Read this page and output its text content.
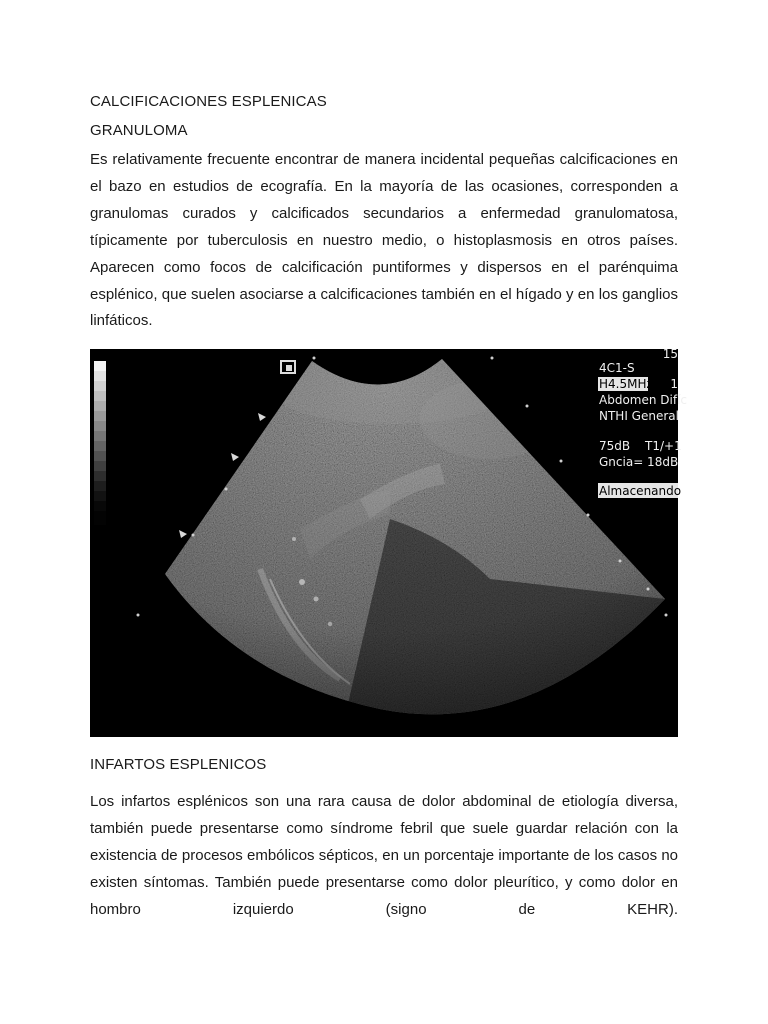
CALCIFICACIONES ESPLENICAS
GRANULOMA
Es relativamente frecuente encontrar de manera incidental pequeñas calcificaciones en el bazo en estudios de ecografía. En la mayoría de las ocasiones, corresponden a granulomas curados y calcificados secundarios a enfermedad granulomatosa, típicamente por tuberculosis en nuestro medio, o histoplasmosis en otros países. Aparecen como focos de calcificación puntiformes y dispersos en el parénquima esplénico, que suelen asociarse a calcificaciones también en el hígado y en los ganglios linfáticos.
15
4C1-S
H4.5MHz 1
Abdomen Difíc
NTHI General
75dB T1/+1
Gncia= 18dB
Almacenando
INFARTOS ESPLENICOS
Los infartos esplénicos son una rara causa de dolor abdominal de etiología diversa, también puede presentarse como síndrome febril que suele guardar relación con la existencia de procesos embólicos sépticos, en un porcentaje importante de los casos no existen síntomas. También puede presentarse como dolor pleurítico, y como dolor en hombro izquierdo (signo de KEHR).
